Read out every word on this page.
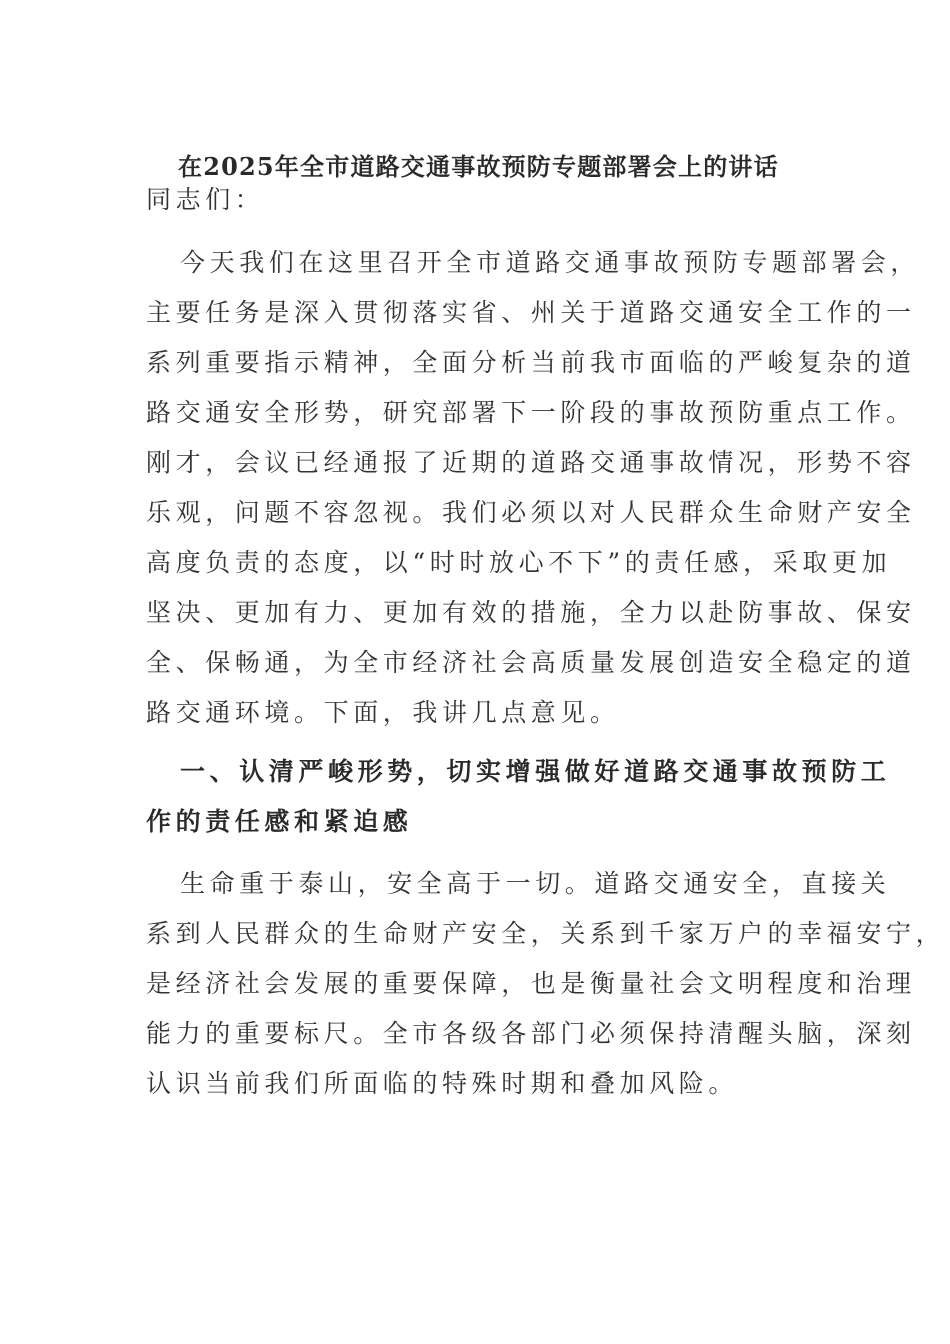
在2025年全市道路交通事故预防专题部署会上的讲话
同志们：
今天我们在这里召开全市道路交通事故预防专题部署会，
主要任务是深入贯彻落实省、州关于道路交通安全工作的一
系列重要指示精神，全面分析当前我市面临的严峻复杂的道
路交通安全形势，研究部署下一阶段的事故预防重点工作。
刚才，会议已经通报了近期的道路交通事故情况，形势不容
乐观，问题不容忽视。我们必须以对人民群众生命财产安全
高度负责的态度，以“时时放心不下”的责任感，采取更加
坚决、更加有力、更加有效的措施，全力以赴防事故、保安
全、保畅通，为全市经济社会高质量发展创造安全稳定的道
路交通环境。下面，我讲几点意见。
一、认清严峻形势，切实增强做好道路交通事故预防工
作的责任感和紧迫感
生命重于泰山，安全高于一切。道路交通安全，直接关
系到人民群众的生命财产安全，关系到千家万户的幸福安宁，
是经济社会发展的重要保障，也是衡量社会文明程度和治理
能力的重要标尺。全市各级各部门必须保持清醒头脑，深刻
认识当前我们所面临的特殊时期和叠加风险。
